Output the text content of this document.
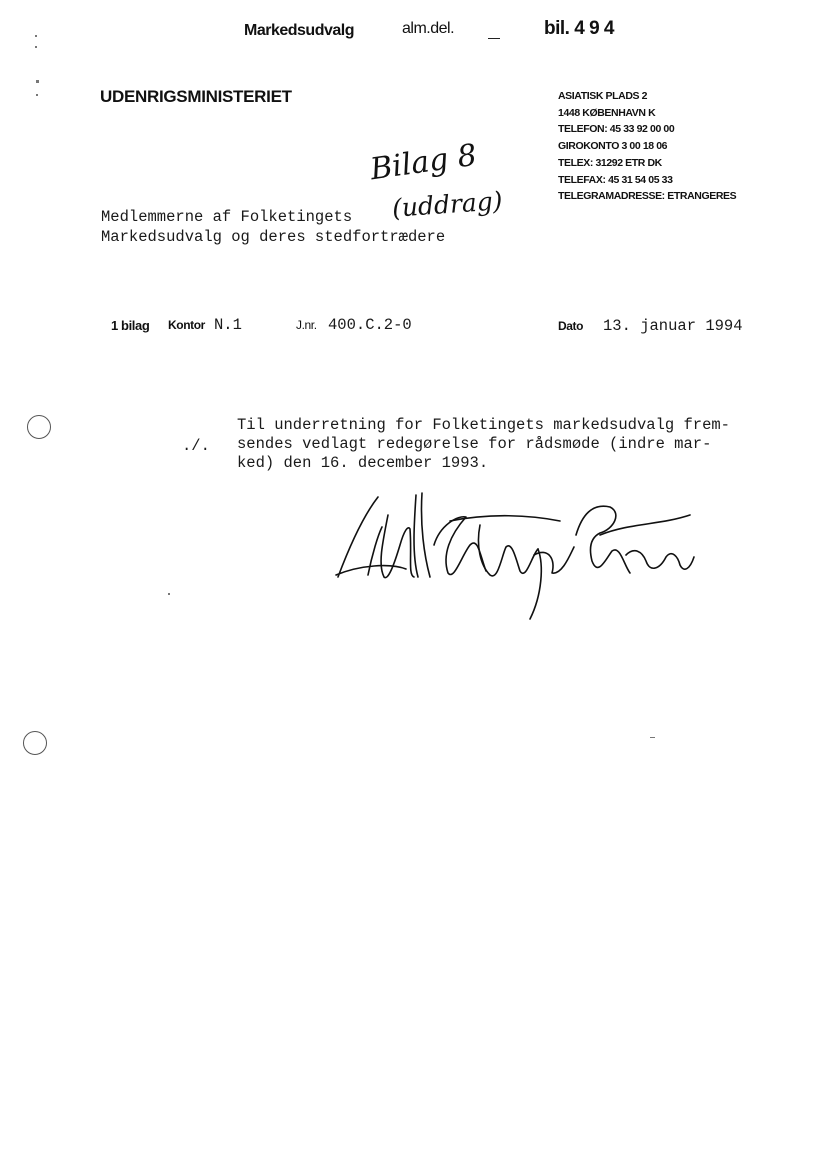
Markedsudvalg	alm.del.	bil. 4 9 4
UDENRIGSMINISTERIET	ASIATISK PLADS 2
1448 KØBENHAVN K
TELEFON: 45 33 92 00 00
GIROKONTO 3 00 18 06
TELEX: 31292 ETR DK
TELEFAX: 45 31 54 05 33
TELEGRAMADRESSE: ETRANGERES
Bilag 8
(uddrag)
Medlemmerne af Folketingets
Markedsudvalg og deres stedfortrædere
1 bilag Kontor N.1	J.nr. 400.C.2-0	Dato 13. januar 1994
./.
Til underretning for Folketingets markedsudvalg frem-
sendes vedlagt redegørelse for rådsmøde (indre mar-
ked) den 16. december 1993.
